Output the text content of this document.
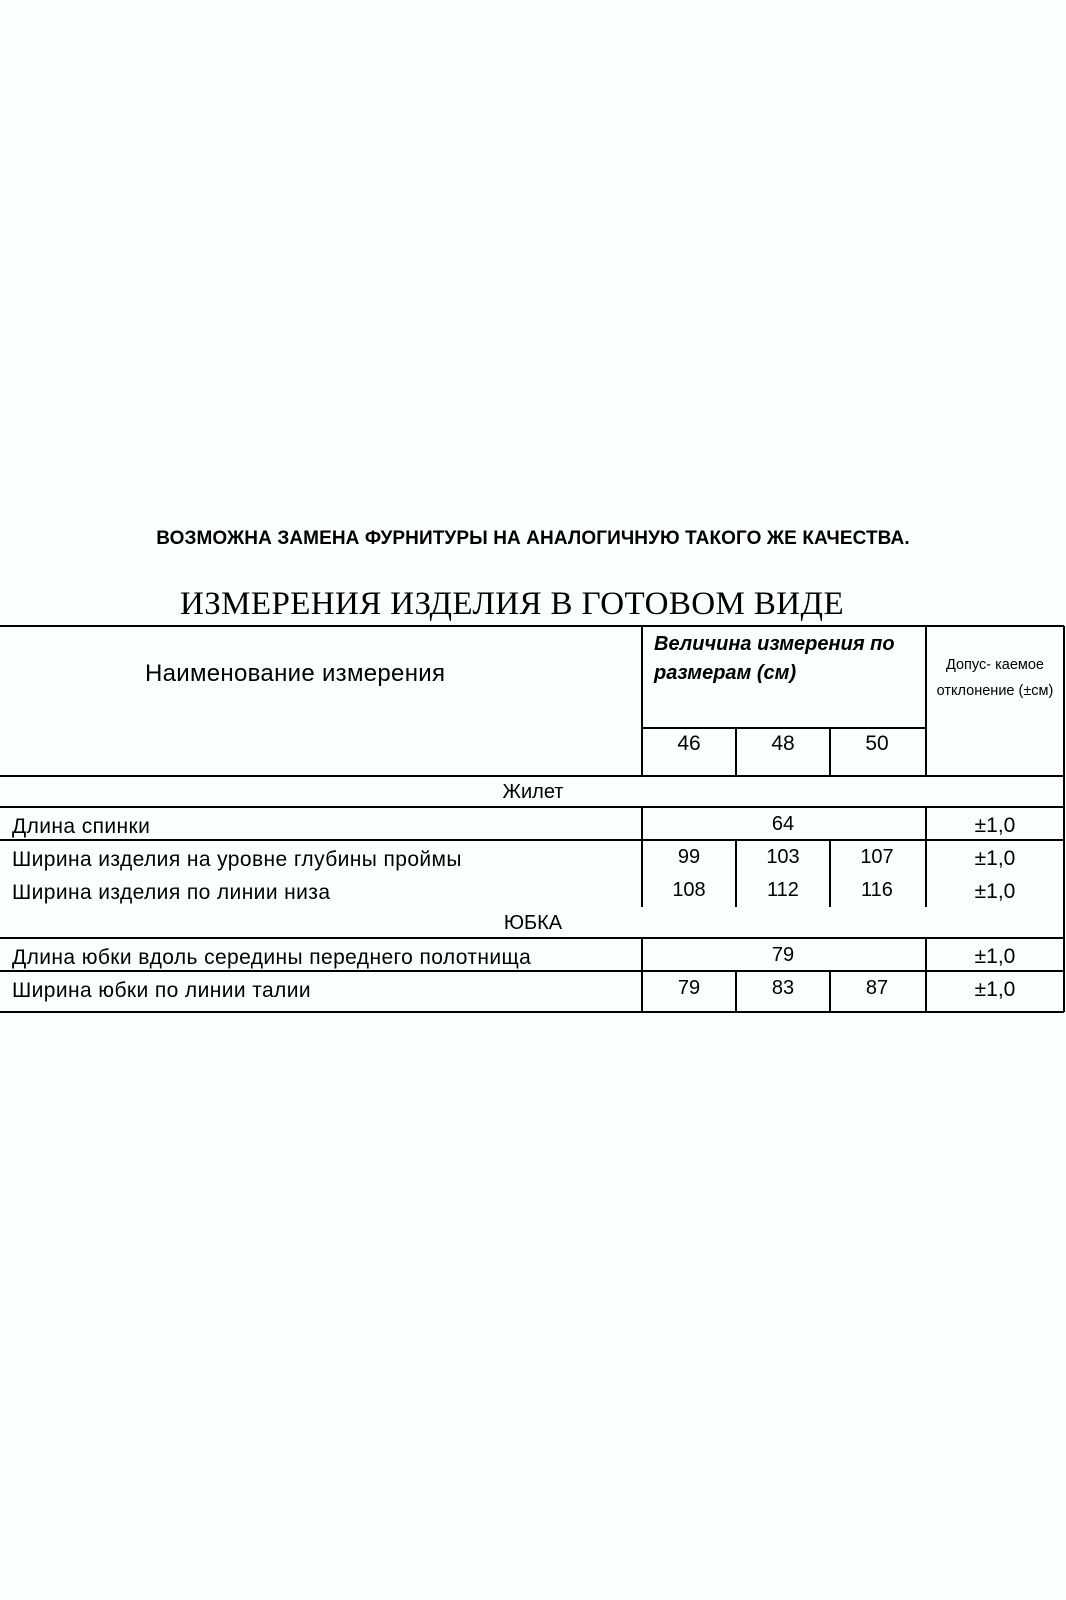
ВОЗМОЖНА ЗАМЕНА ФУРНИТУРЫ НА АНАЛОГИЧНУЮ ТАКОГО ЖЕ КАЧЕСТВА.
ИЗМЕРЕНИЯ ИЗДЕЛИЯ В ГОТОВОМ ВИДЕ
Наименование измерения
Величина измерения по размерам (см)	Допус- каемое отклонение (±см)
46	48	50
Жилет
Длина спинки	64	±1,0
Ширина изделия на уровне глубины проймы	99	103	107	±1,0
Ширина изделия по линии низа	108	112	116	±1,0
ЮБКА
Длина юбки вдоль середины переднего полотнища	79	±1,0
Ширина юбки по линии талии	79	83	87	±1,0
